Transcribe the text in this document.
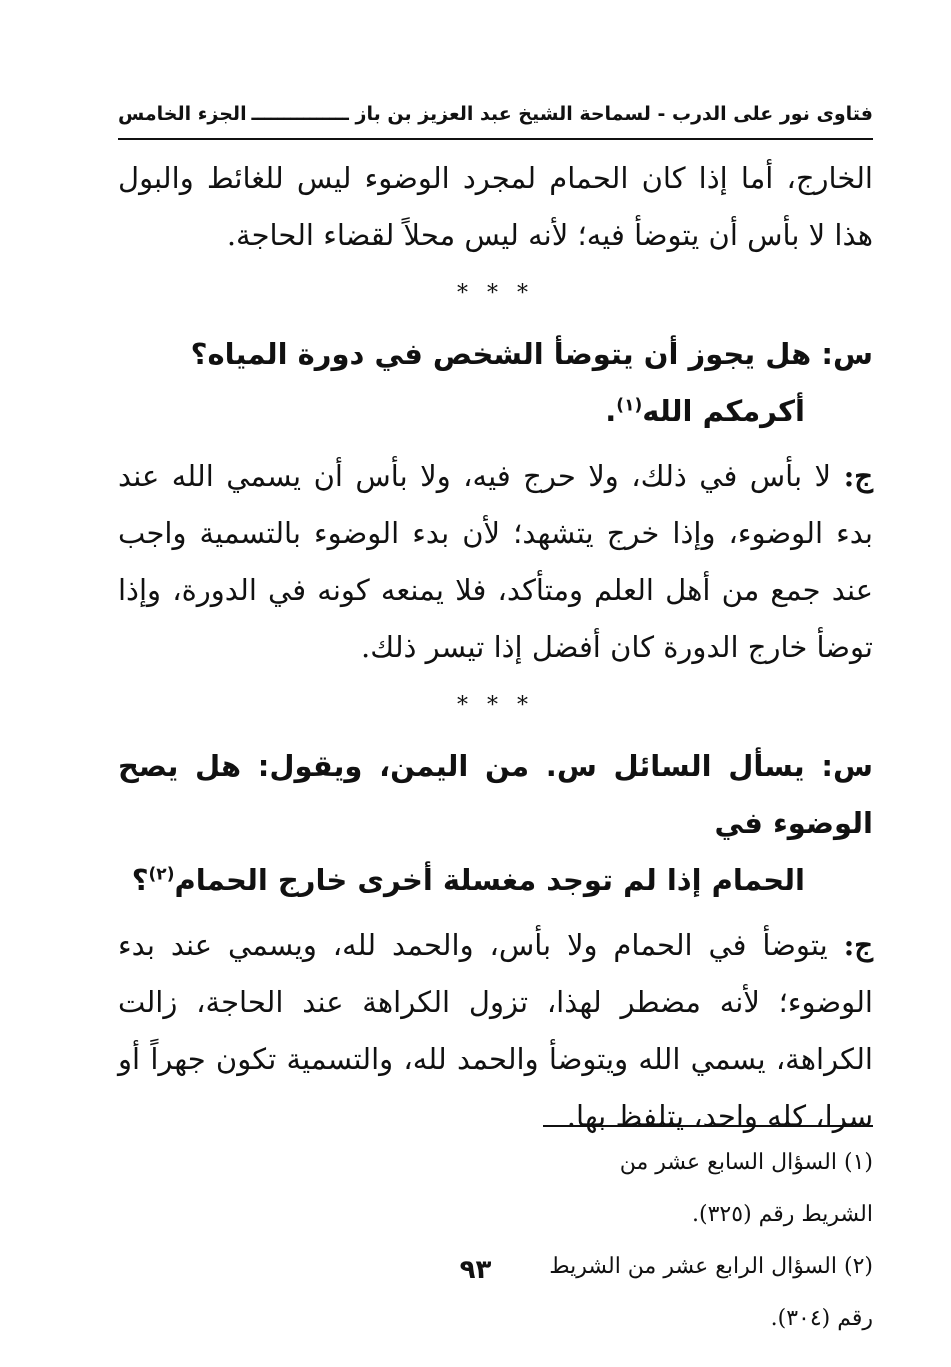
فتاوى نور على الدرب - لسماحة الشيخ عبد العزيز بن باز ـــــــــــــــ
الجزء الخامس

الخارج، أما إذا كان الحمام لمجرد الوضوء ليس للغائط والبول هذا لا بأس أن يتوضأ فيه؛ لأنه ليس محلاً لقضاء الحاجة.

* * *

س: هل يجوز أن يتوضأ الشخص في دورة المياه؟
أكرمكم الله$^{(١)}$.

ج: لا بأس في ذلك، ولا حرج فيه، ولا بأس أن يسمي الله عند بدء الوضوء، وإذا خرج يتشهد؛ لأن بدء الوضوء بالتسمية واجب عند جمع من أهل العلم ومتأكد، فلا يمنعه كونه في الدورة، وإذا توضأ خارج الدورة كان أفضل إذا تيسر ذلك.

* * *

س: يسأل السائل س. من اليمن، ويقول: هل يصح الوضوء في
الحمام إذا لم توجد مغسلة أخرى خارج الحمام$^{(٢)}$؟

ج: يتوضأ في الحمام ولا بأس، والحمد لله، ويسمي عند بدء الوضوء؛ لأنه مضطر لهذا، تزول الكراهة عند الحاجة، زالت الكراهة، يسمي الله ويتوضأ والحمد لله، والتسمية تكون جهراً أو سرا، كله واحد، يتلفظ بها.

(١) السؤال السابع عشر من الشريط رقم (٣٢٥).

(٢) السؤال الرابع عشر من الشريط رقم (٣٠٤).

٩٣
